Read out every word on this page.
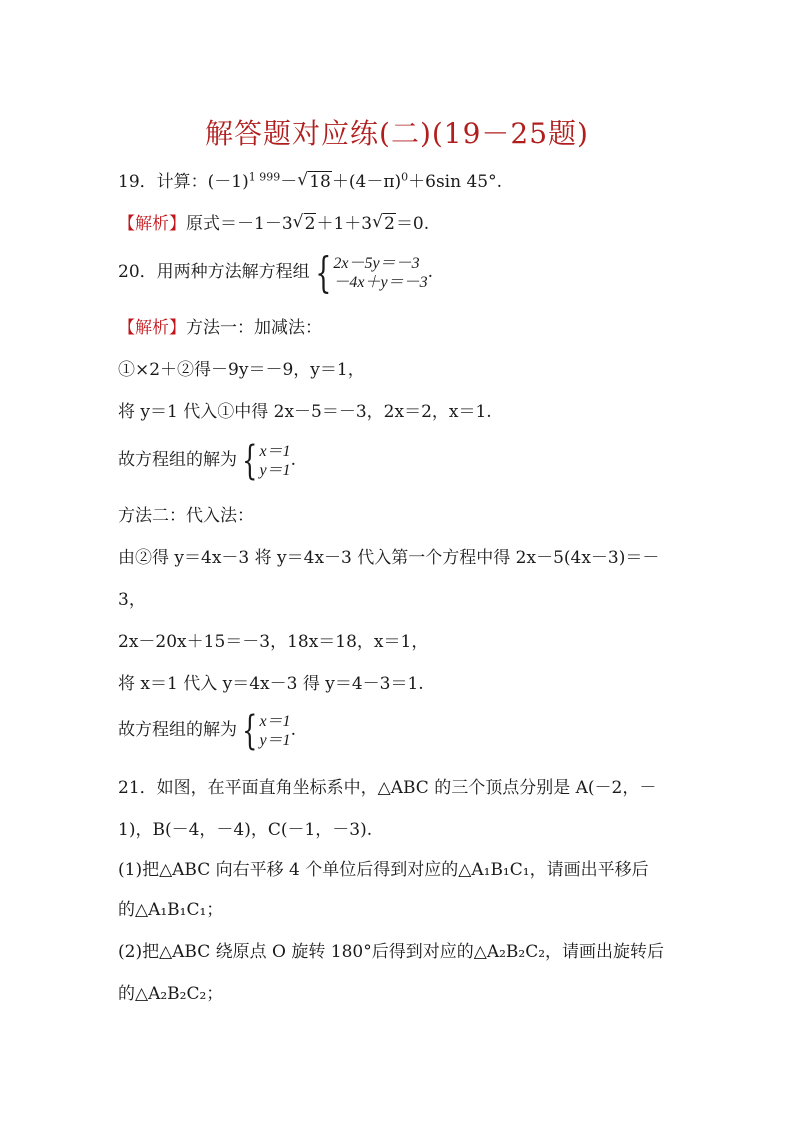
解答题对应练(二)(19－25题)
19．计算：$(-1)^{1 999}-√$ $18+(4-\pi)^0+6\sin$ 45°.
【解析】原式＝－1－3√ 2＋1＋3√ 2＝0.
20．用两种方法解方程组 { 2x－5y＝－3
－4x＋y＝－3 .
【解析】方法一：加减法：
①×2＋②得－9y＝－9，y＝1，
将 y＝1 代入①中得 2x－5＝－3，2x＝2，x＝1.
故方程组的解为 { x＝1
y＝1 .
方法二：代入法：
由②得 y＝4x－3 将 y＝4x－3 代入第一个方程中得 2x－5(4x－3)＝－
3，
2x－20x＋15＝－3，18x＝18，x＝1，
将 x＝1 代入 y＝4x－3 得 y＝4－3＝1.
故方程组的解为 { x＝1
y＝1 .
21．如图，在平面直角坐标系中，△ABC 的三个顶点分别是 A(－2，－
1)，B(－4，－4)，C(－1，－3).
(1)把△ABC 向右平移 4 个单位后得到对应的△A₁B₁C₁，请画出平移后
的△A₁B₁C₁；
(2)把△ABC 绕原点 O 旋转 180°后得到对应的△A₂B₂C₂，请画出旋转后
的△A₂B₂C₂；
